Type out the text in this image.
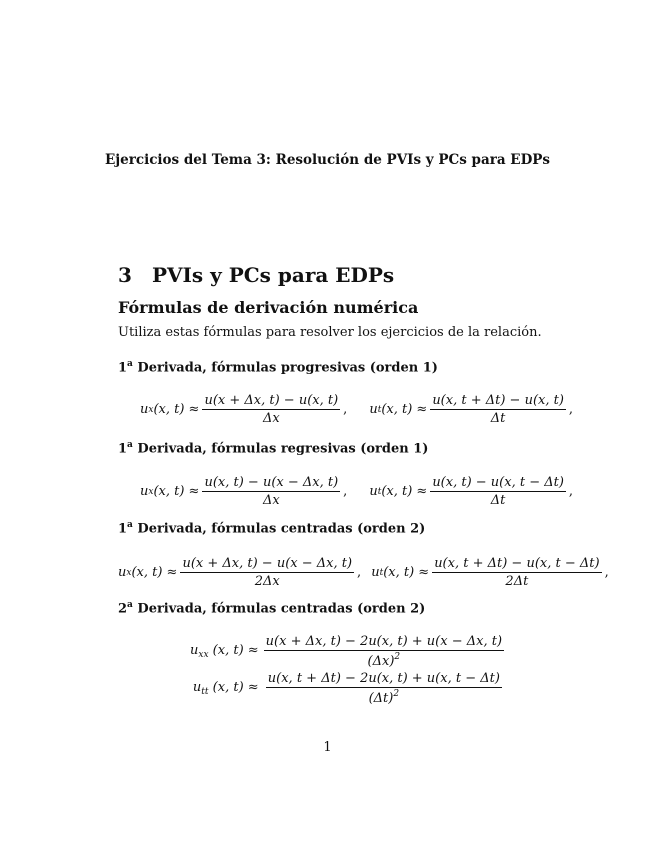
Ejercicios del Tema 3: Resolución de PVIs y PCs para EDPs
3 PVIs y PCs para EDPs
Fórmulas de derivación numérica
Utiliza estas fórmulas para resolver los ejercicios de la relación.
1$^a$ Derivada, fórmulas progresivas (orden 1)
u x (x, $t) \approx \frac{u(x + \Delta x, t) - u(x, t)}{\Delta x}$ , u t (x, $t) \approx \frac{u(x, t + \Delta t) - u(x, t)}{\Delta t}$ ,
1$^a$ Derivada, fórmulas regresivas (orden 1)
u x (x, $t) \approx \frac{u(x, t) - u(x - \Delta x, t)}{\Delta x}$ , u t (x, $t) \approx \frac{u(x, t) - u(x, t - \Delta t)}{\Delta t}$ ,
1$^a$ Derivada, fórmulas centradas (orden 2)
u x (x, $t) \approx \frac{u(x + \Delta x, t) - u(x - \Delta x, t)}{2\Delta x}$ , u t (x, $t) \approx \frac{u(x, t + \Delta t) - u(x, t - \Delta t)}{2\Delta t}$ ,
2$^a$ Derivada, fórmulas centradas (orden 2)
$u_{xx}$ (x, $t) \approx \frac{u(x + \Delta x, t) - 2u(x, t) + u(x - \Delta x, t)}{(\Delta x)^2}$
$u_{tt}$ (x, $t) \approx \frac{u(x, t + \Delta t) - 2u(x, t) + u(x, t - \Delta t)}{(\Delta t)^2}$
1
